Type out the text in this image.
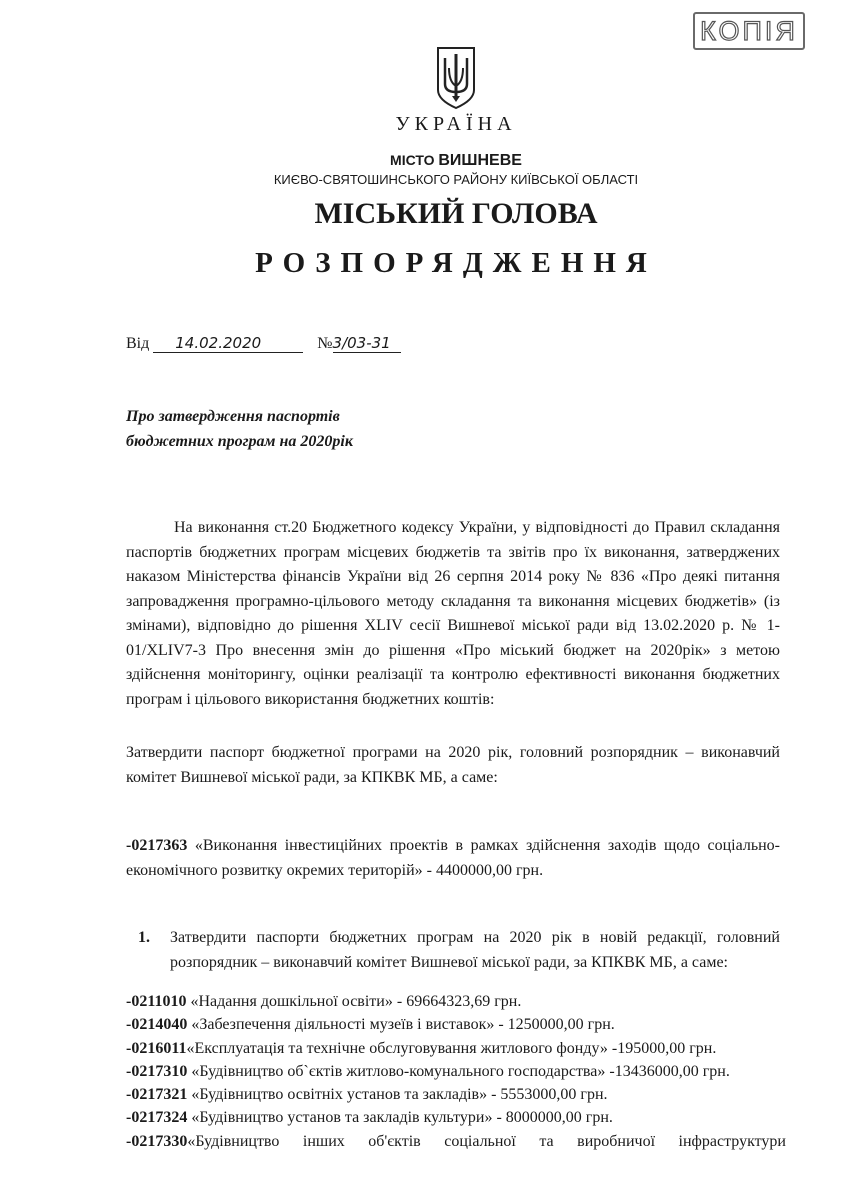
КОПІЯ
УКРАЇНА
МІСТО ВИШНЕВЕ
КИЄВО-СВЯТОШИНСЬКОГО РАЙОНУ КИЇВСЬКОЇ ОБЛАСТІ
МІСЬКИЙ ГОЛОВА
РОЗПОРЯДЖЕННЯ
Від 14.02.2020	№3/03-31
Про затвердження паспортів
бюджетних програм на 2020рік
На виконання ст.20 Бюджетного кодексу України, у відповідності до Правил складання паспортів бюджетних програм місцевих бюджетів та звітів про їх виконання, затверджених наказом Міністерства фінансів України від 26 серпня 2014 року № 836 «Про деякі питання запровадження програмно-цільового методу складання та виконання місцевих бюджетів» (із змінами), відповідно до рішення XLIV сесії Вишневої міської ради від 13.02.2020 р. № 1-01/XLIV7-3 Про внесення змін до рішення «Про міський бюджет на 2020рік» з метою здійснення моніторингу, оцінки реалізації та контролю ефективності виконання бюджетних програм і цільового використання бюджетних коштів:
Затвердити паспорт бюджетної програми на 2020 рік, головний розпорядник – виконавчий комітет Вишневої міської ради, за КПКВК МБ, а саме:
-0217363 «Виконання інвестиційних проектів в рамках здійснення заходів щодо соціально-економічного розвитку окремих територій» - 4400000,00 грн.
1. Затвердити паспорти бюджетних програм на 2020 рік в новій редакції, головний розпорядник – виконавчий комітет Вишневої міської ради, за КПКВК МБ, а саме:
-0211010 «Надання дошкільної освіти» - 69664323,69 грн.
-0214040 «Забезпечення діяльності музеїв і виставок» - 1250000,00 грн.
-0216011«Експлуатація та технічне обслуговування житлового фонду» -195000,00 грн.
-0217310 «Будівництво об`єктів житлово-комунального господарства» -13436000,00 грн.
-0217321 «Будівництво освітніх установ та закладів» - 5553000,00 грн.
-0217324 «Будівництво установ та закладів культури» - 8000000,00 грн.
-0217330«Будівництво інших об'єктів соціальної та виробничої інфраструктури
